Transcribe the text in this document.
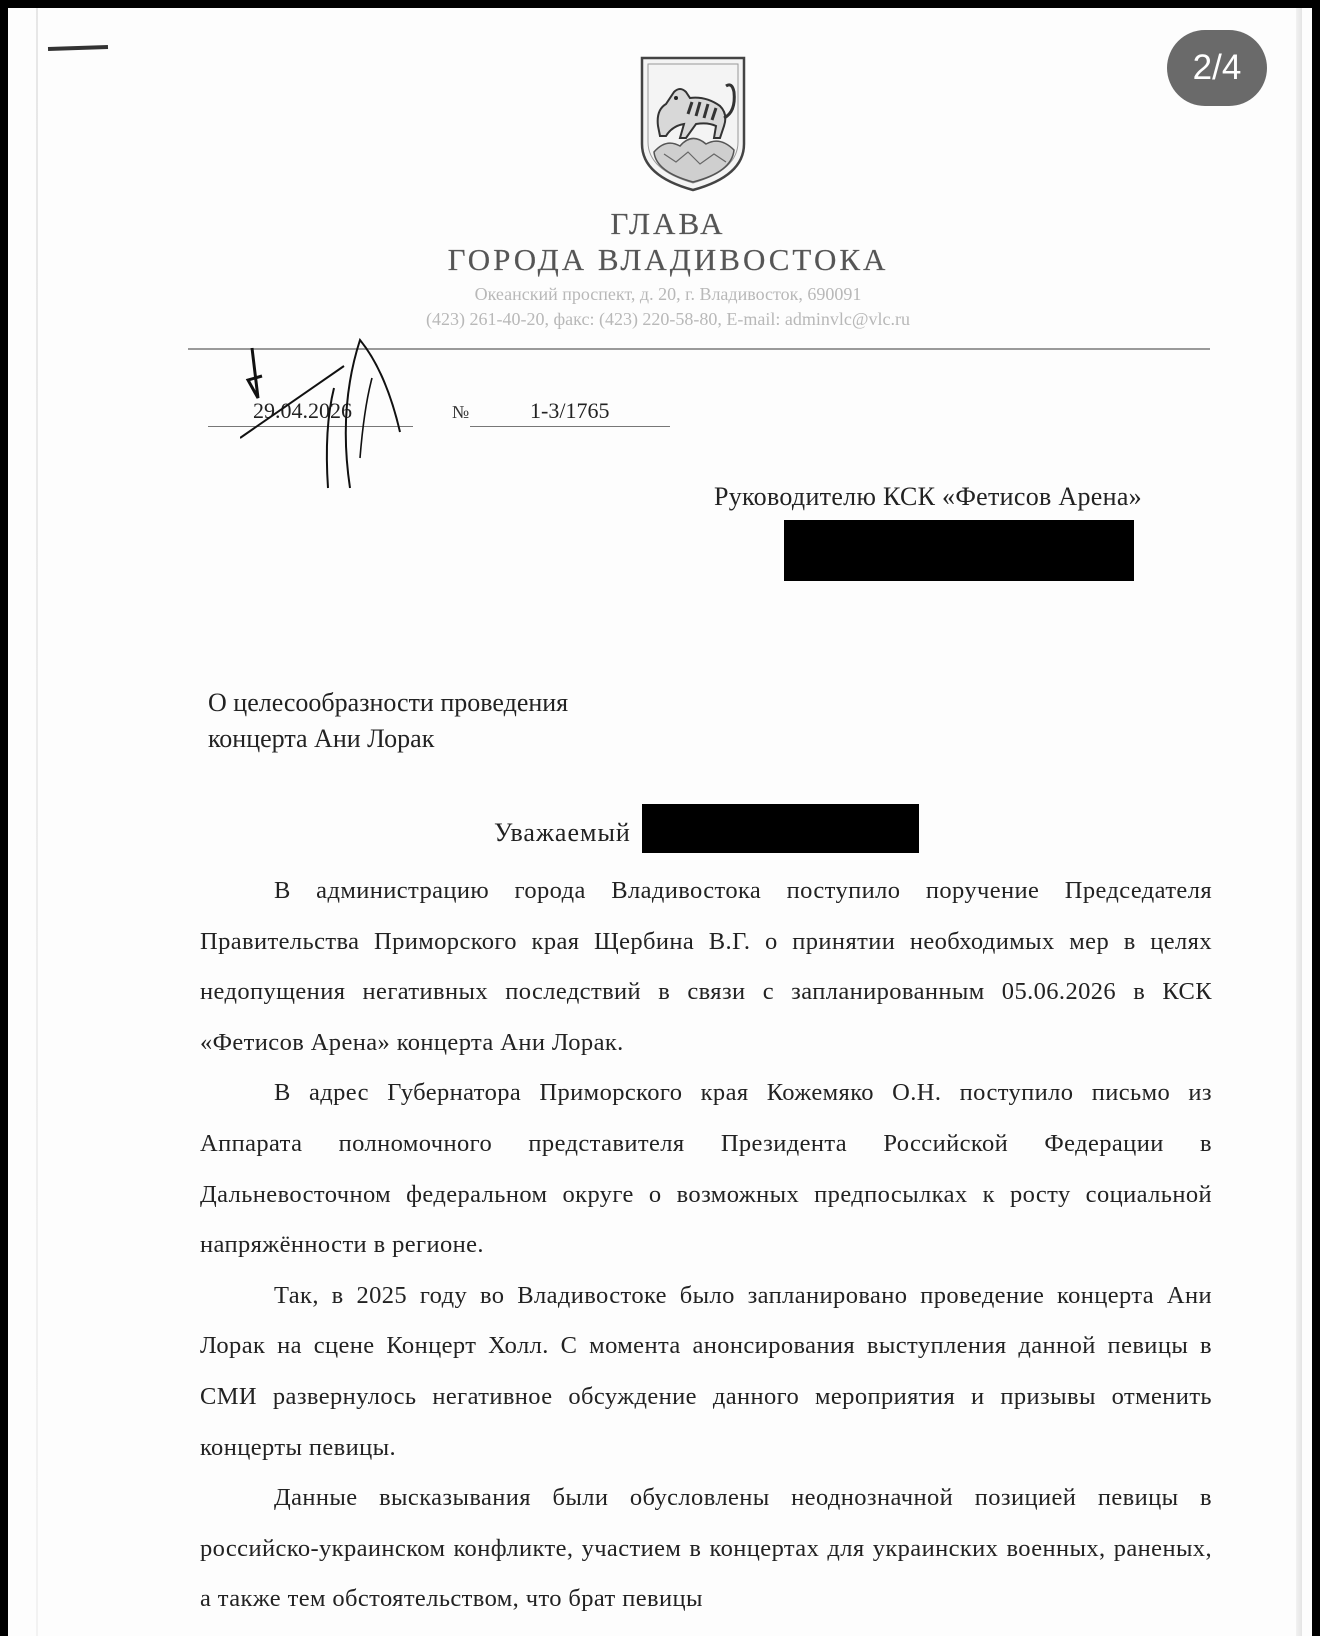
ГЛАВА
ГОРОДА ВЛАДИВОСТОКА
Океанский проспект, д. 20, г. Владивосток, 690091
(423) 261-40-20, факс: (423) 220-58-80, E-mail: adminvlc@vlc.ru
29.04.2026	№	1-3/1765
Руководителю КСК «Фетисов Арена»
О целесообразности проведения
концерта Ани Лорак
Уважаемый

В администрацию города Владивостока поступило поручение Председателя Правительства Приморского края Щербина В.Г. о принятии необходимых мер в целях недопущения негативных последствий в связи с запланированным 05.06.2026 в КСК «Фетисов Арена» концерта Ани Лорак.

В адрес Губернатора Приморского края Кожемяко О.Н. поступило письмо из Аппарата полномочного представителя Президента Российской Федерации в Дальневосточном федеральном округе о возможных предпосылках к росту социальной напряжённости в регионе.

Так, в 2025 году во Владивостоке было запланировано проведение концерта Ани Лорак на сцене Концерт Холл. С момента анонсирования выступления данной певицы в СМИ развернулось негативное обсуждение данного мероприятия и призывы отменить концерты певицы.

Данные высказывания были обусловлены неоднозначной позицией певицы в российско-украинском конфликте, участием в концертах для украинских военных, раненых, а также тем обстоятельством, что брат певицы

2/4
